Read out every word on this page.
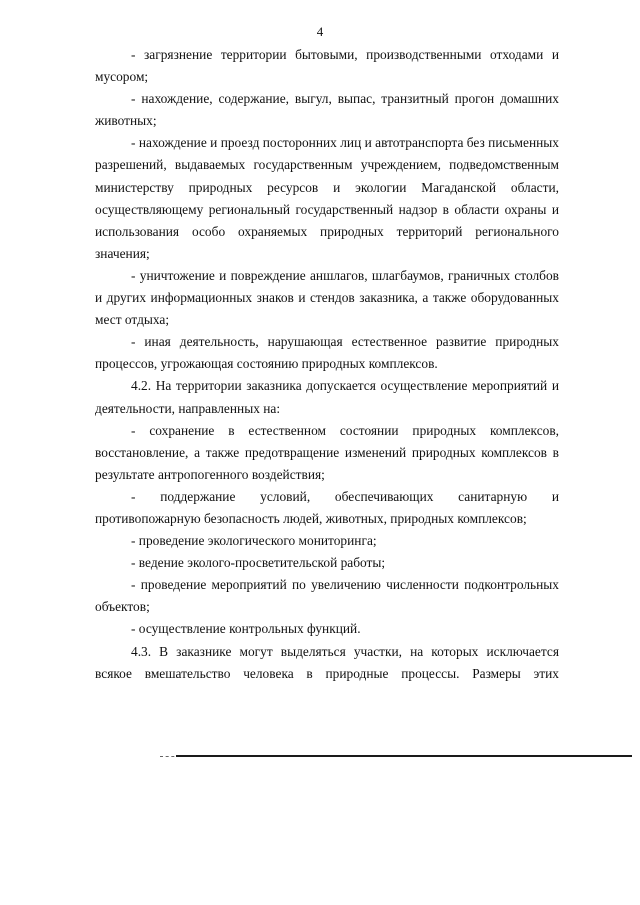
4

- загрязнение территории бытовыми, производственными отходами и мусором;

- нахождение, содержание, выгул, выпас, транзитный прогон домашних животных;

- нахождение и проезд посторонних лиц и автотранспорта без письменных разрешений, выдаваемых государственным учреждением, подведомственным министерству природных ресурсов и экологии Магаданской области, осуществляющему региональный государственный надзор в области охраны и использования особо охраняемых природных территорий регионального значения;

- уничтожение и повреждение аншлагов, шлагбаумов, граничных столбов и других информационных знаков и стендов заказника, а также оборудованных мест отдыха;

- иная деятельность, нарушающая естественное развитие природных процессов, угрожающая состоянию природных комплексов.

4.2. На территории заказника допускается осуществление мероприятий и деятельности, направленных на:

- сохранение в естественном состоянии природных комплексов, восстановление, а также предотвращение изменений природных комплексов в результате антропогенного воздействия;

- поддержание условий, обеспечивающих санитарную и противопожарную безопасность людей, животных, природных комплексов;

- проведение экологического мониторинга;

- ведение эколого-просветительской работы;

- проведение мероприятий по увеличению численности подконтрольных объектов;

- осуществление контрольных функций.

4.3. В заказнике могут выделяться участки, на которых исключается всякое вмешательство человека в природные процессы. Размеры этих
